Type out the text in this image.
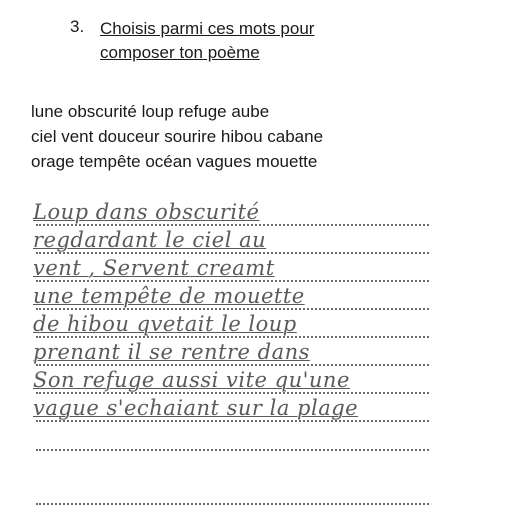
3. Choisis parmi ces mots pour
composer ton poème
lune obscurité loup refuge aube
ciel vent douceur sourire hibou cabane
orage tempête océan vagues mouette
Loup dans obscurité
regdardant le ciel au
vent , Servent creamt
une tempête de mouette
de hibou qvetait le loup
prenant il se rentre dans
Son refuge aussi vite qu'une
vague s'echaiant sur la plage
